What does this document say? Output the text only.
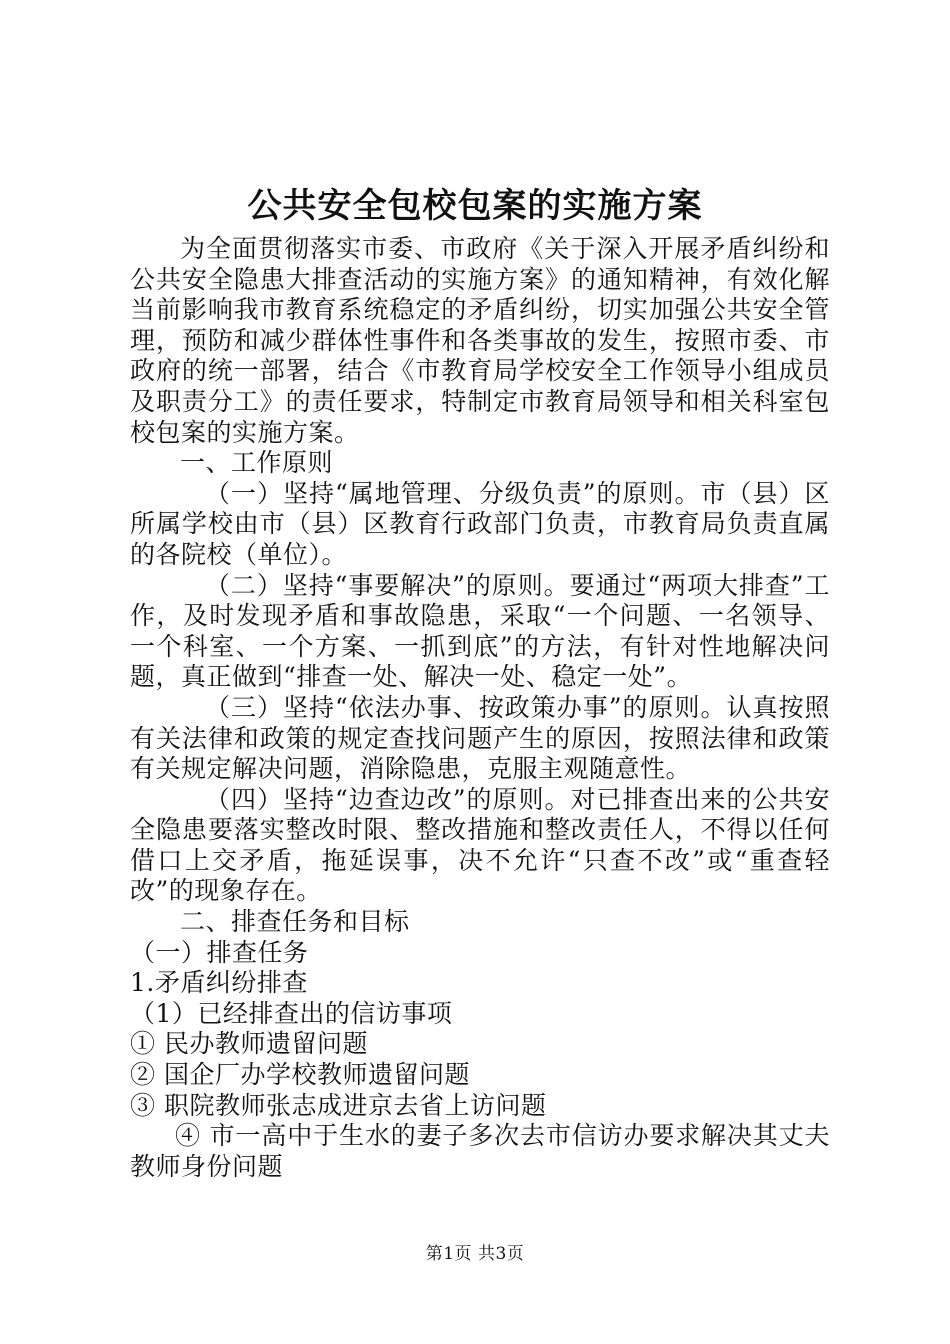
公共安全包校包案的实施方案

为全面贯彻落实市委、市政府《关于深入开展矛盾纠纷和公共安全隐患大排查活动的实施方案》的通知精神，有效化解当前影响我市教育系统稳定的矛盾纠纷，切实加强公共安全管理，预防和减少群体性事件和各类事故的发生，按照市委、市政府的统一部署，结合《市教育局学校安全工作领导小组成员及职责分工》的责任要求，特制定市教育局领导和相关科室包校包案的实施方案。

一、工作原则

（一）坚持“属地管理、分级负责”的原则。市（县）区所属学校由市（县）区教育行政部门负责，市教育局负责直属的各院校（单位）。

（二）坚持“事要解决”的原则。要通过“两项大排查”工作，及时发现矛盾和事故隐患，采取“一个问题、一名领导、一个科室、一个方案、一抓到底”的方法，有针对性地解决问题，真正做到“排查一处、解决一处、稳定一处”。

（三）坚持“依法办事、按政策办事”的原则。认真按照有关法律和政策的规定查找问题产生的原因，按照法律和政策有关规定解决问题，消除隐患，克服主观随意性。

（四）坚持“边查边改”的原则。对已排查出来的公共安全隐患要落实整改时限、整改措施和整改责任人，不得以任何借口上交矛盾，拖延误事，决不允许“只查不改”或“重查轻改”的现象存在。

二、排查任务和目标

（一）排查任务

1.矛盾纠纷排查

（1）已经排查出的信访事项

① 民办教师遗留问题

② 国企厂办学校教师遗留问题

③ 职院教师张志成进京去省上访问题

④ 市一高中于生水的妻子多次去市信访办要求解决其丈夫教师身份问题

第1页 共3页
